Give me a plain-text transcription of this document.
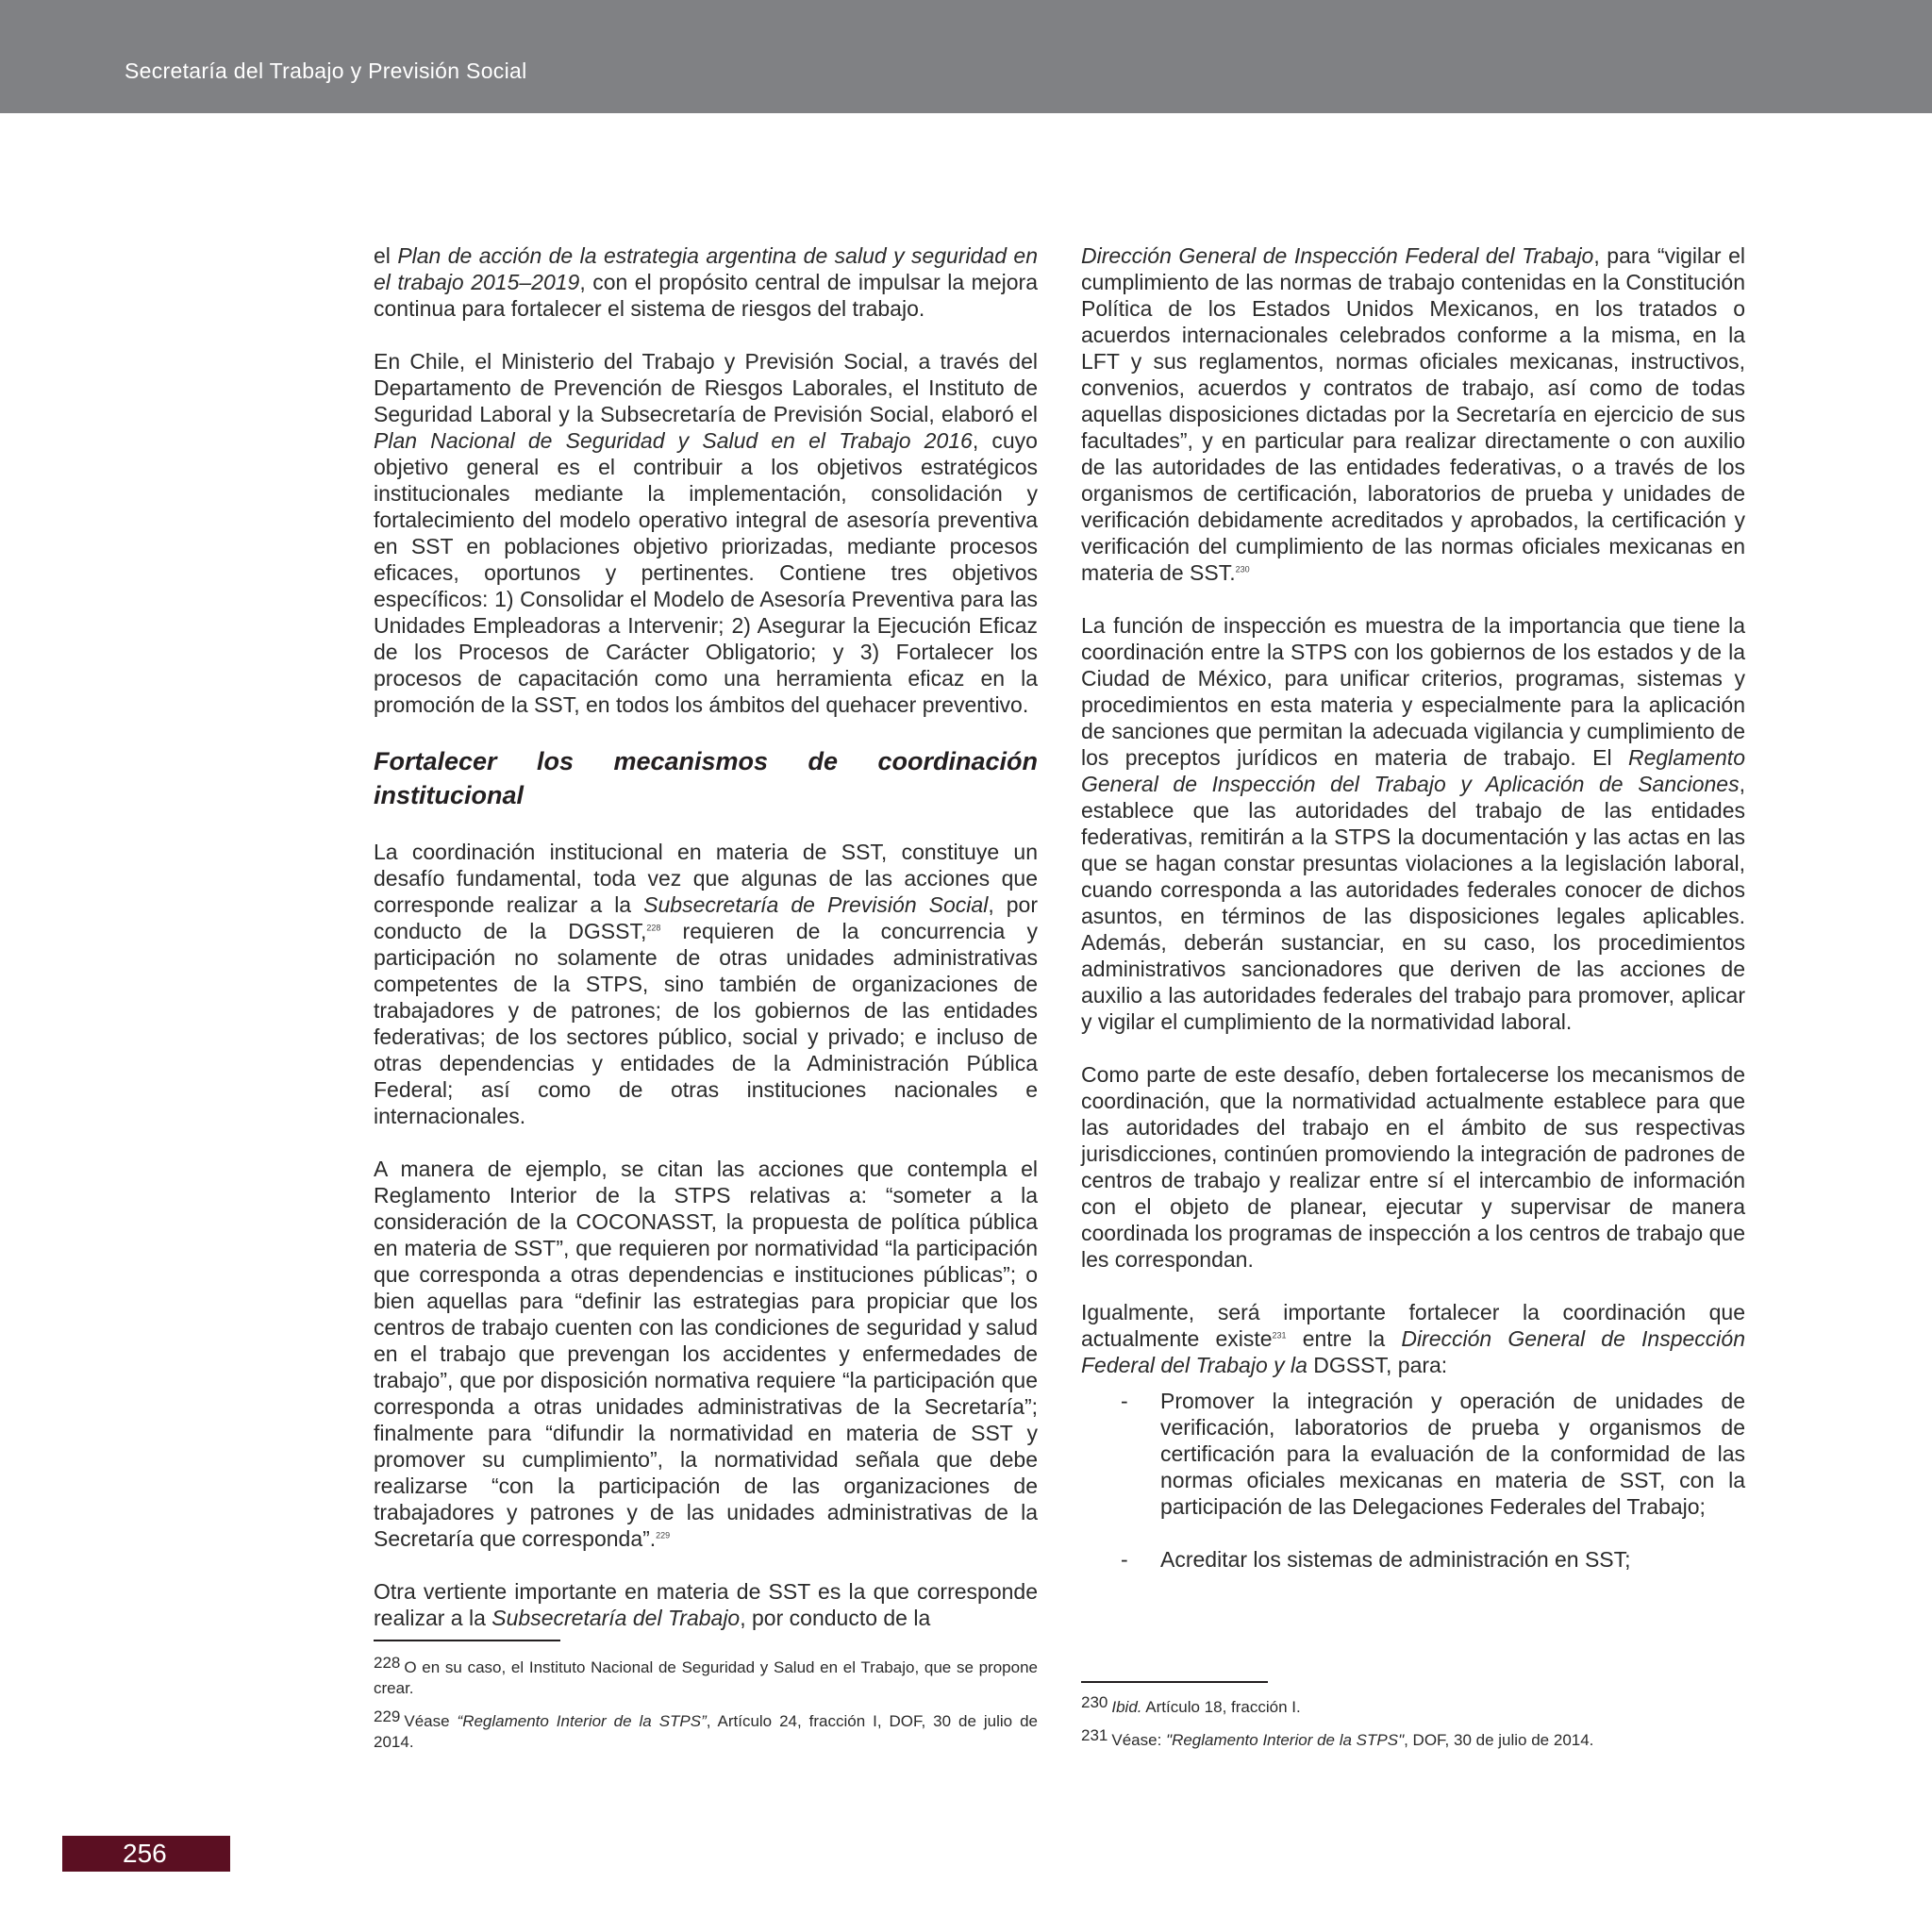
Secretaría del Trabajo y Previsión Social

el Plan de acción de la estrategia argentina de salud y seguridad en el trabajo 2015–2019, con el propósito central de impulsar la mejora continua para fortalecer el sistema de riesgos del trabajo.

En Chile, el Ministerio del Trabajo y Previsión Social, a través del Departamento de Prevención de Riesgos Laborales, el Instituto de Seguridad Laboral y la Subsecretaría de Previsión Social, elaboró el Plan Nacional de Seguridad y Salud en el Trabajo 2016, cuyo objetivo general es el contribuir a los objetivos estratégicos institucionales mediante la implementación, consolidación y fortalecimiento del modelo operativo integral de asesoría preventiva en SST en poblaciones objetivo priorizadas, mediante procesos eficaces, oportunos y pertinentes. Contiene tres objetivos específicos: 1) Consolidar el Modelo de Asesoría Preventiva para las Unidades Empleadoras a Intervenir; 2) Asegurar la Ejecución Eficaz de los Procesos de Carácter Obligatorio; y 3) Fortalecer los procesos de capacitación como una herramienta eficaz en la promoción de la SST, en todos los ámbitos del quehacer preventivo.

Fortalecer los mecanismos de coordinación institucional

La coordinación institucional en materia de SST, constituye un desafío fundamental, toda vez que algunas de las acciones que corresponde realizar a la Subsecretaría de Previsión Social, por conducto de la DGSST,$^{228}$ requieren de la concurrencia y participación no solamente de otras unidades administrativas competentes de la STPS, sino también de organizaciones de trabajadores y de patrones; de los gobiernos de las entidades federativas; de los sectores público, social y privado; e incluso de otras dependencias y entidades de la Administración Pública Federal; así como de otras instituciones nacionales e internacionales.

A manera de ejemplo, se citan las acciones que contempla el Reglamento Interior de la STPS relativas a: “someter a la consideración de la COCONASST, la propuesta de política pública en materia de SST”, que requieren por normatividad “la participación que corresponda a otras dependencias e instituciones públicas”; o bien aquellas para “definir las estrategias para propiciar que los centros de trabajo cuenten con las condiciones de seguridad y salud en el trabajo que prevengan los accidentes y enfermedades de trabajo”, que por disposición normativa requiere “la participación que corresponda a otras unidades administrativas de la Secretaría”; finalmente para “difundir la normatividad en materia de SST y promover su cumplimiento”, la normatividad señala que debe realizarse “con la participación de las organizaciones de trabajadores y patrones y de las unidades administrativas de la Secretaría que corresponda”.$^{229}$

Otra vertiente importante en materia de SST es la que corresponde realizar a la Subsecretaría del Trabajo, por conducto de la

Dirección General de Inspección Federal del Trabajo, para “vigilar el cumplimiento de las normas de trabajo contenidas en la Constitución Política de los Estados Unidos Mexicanos, en los tratados o acuerdos internacionales celebrados conforme a la misma, en la LFT y sus reglamentos, normas oficiales mexicanas, instructivos, convenios, acuerdos y contratos de trabajo, así como de todas aquellas disposiciones dictadas por la Secretaría en ejercicio de sus facultades”, y en particular para realizar directamente o con auxilio de las autoridades de las entidades federativas, o a través de los organismos de certificación, laboratorios de prueba y unidades de verificación debidamente acreditados y aprobados, la certificación y verificación del cumplimiento de las normas oficiales mexicanas en materia de SST.$^{230}$

La función de inspección es muestra de la importancia que tiene la coordinación entre la STPS con los gobiernos de los estados y de la Ciudad de México, para unificar criterios, programas, sistemas y procedimientos en esta materia y especialmente para la aplicación de sanciones que permitan la adecuada vigilancia y cumplimiento de los preceptos jurídicos en materia de trabajo. El Reglamento General de Inspección del Trabajo y Aplicación de Sanciones, establece que las autoridades del trabajo de las entidades federativas, remitirán a la STPS la documentación y las actas en las que se hagan constar presuntas violaciones a la legislación laboral, cuando corresponda a las autoridades federales conocer de dichos asuntos, en términos de las disposiciones legales aplicables. Además, deberán sustanciar, en su caso, los procedimientos administrativos sancionadores que deriven de las acciones de auxilio a las autoridades federales del trabajo para promover, aplicar y vigilar el cumplimiento de la normatividad laboral.

Como parte de este desafío, deben fortalecerse los mecanismos de coordinación, que la normatividad actualmente establece para que las autoridades del trabajo en el ámbito de sus respectivas jurisdicciones, continúen promoviendo la integración de padrones de centros de trabajo y realizar entre sí el intercambio de información con el objeto de planear, ejecutar y supervisar de manera coordinada los programas de inspección a los centros de trabajo que les correspondan.

Igualmente, será importante fortalecer la coordinación que actualmente existe$^{231}$ entre la Dirección General de Inspección Federal del Trabajo y la DGSST, para:

- Promover la integración y operación de unidades de verificación, laboratorios de prueba y organismos de certificación para la evaluación de la conformidad de las normas oficiales mexicanas en materia de SST, con la participación de las Delegaciones Federales del Trabajo;
- Acreditar los sistemas de administración en SST;

228 O en su caso, el Instituto Nacional de Seguridad y Salud en el Trabajo, que se propone crear.

229 Véase “Reglamento Interior de la STPS”, Artículo 24, fracción I, DOF, 30 de julio de 2014.

230 Ibid. Artículo 18, fracción I.

231 Véase: "Reglamento Interior de la STPS", DOF, 30 de julio de 2014.

256
